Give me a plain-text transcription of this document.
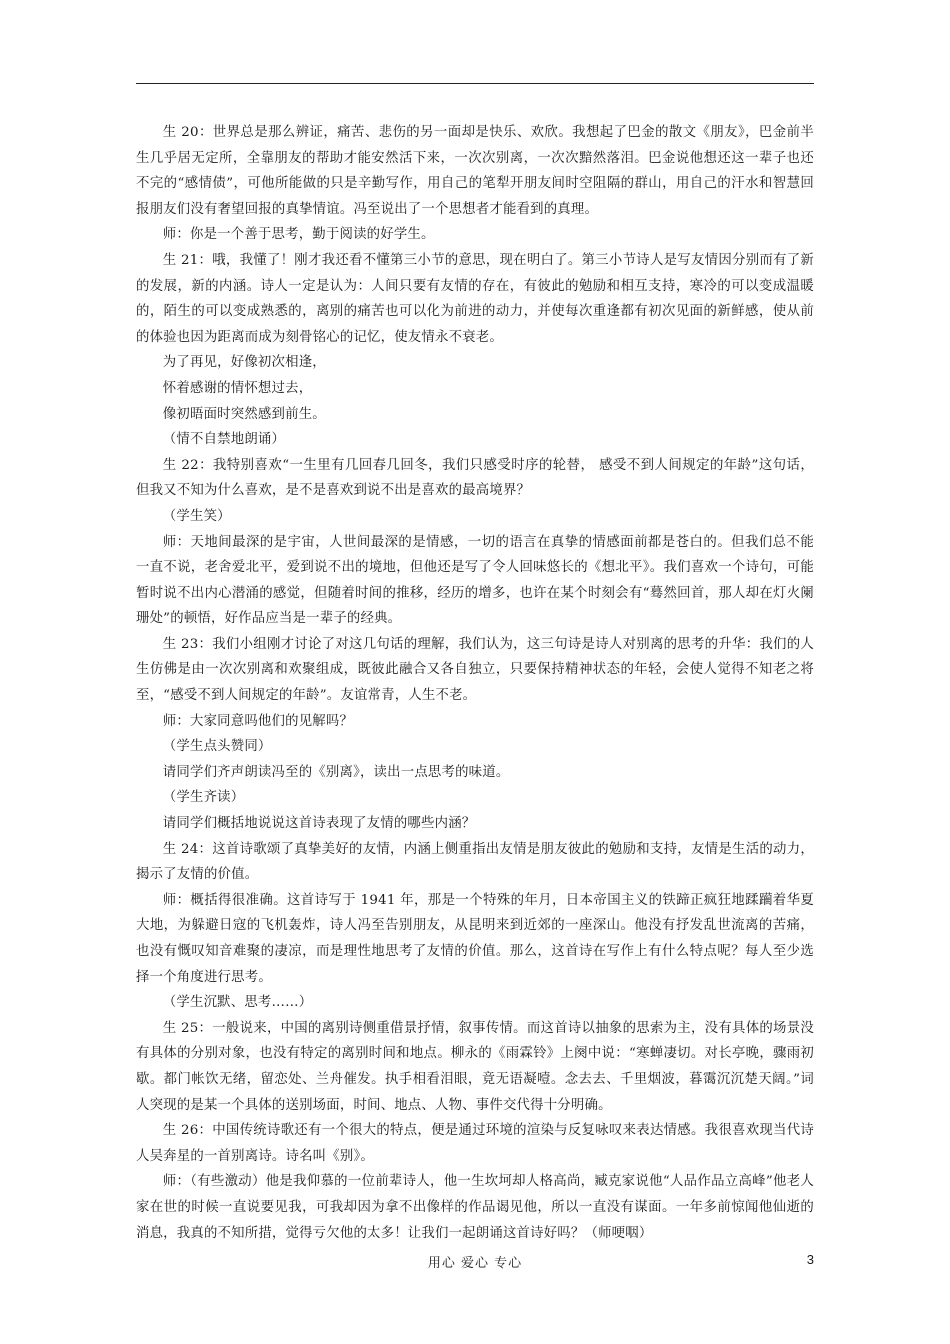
生 20：世界总是那么辨证，痛苦、悲伤的另一面却是快乐、欢欣。我想起了巴金的散文《朋友》，巴金前半生几乎居无定所，全靠朋友的帮助才能安然活下来，一次次别离，一次次黯然落泪。巴金说他想还这一辈子也还不完的“感情债”，可他所能做的只是辛勤写作，用自己的笔犁开朋友间时空阻隔的群山，用自己的汗水和智慧回报朋友们没有奢望回报的真挚情谊。冯至说出了一个思想者才能看到的真理。

师：你是一个善于思考，勤于阅读的好学生。

生 21：哦，我懂了！刚才我还看不懂第三小节的意思，现在明白了。第三小节诗人是写友情因分别而有了新的发展，新的内涵。诗人一定是认为：人间只要有友情的存在，有彼此的勉励和相互支持，寒冷的可以变成温暖的，陌生的可以变成熟悉的，离别的痛苦也可以化为前进的动力，并使每次重逢都有初次见面的新鲜感，使从前的体验也因为距离而成为刻骨铭心的记忆，使友情永不衰老。

为了再见，好像初次相逢，

怀着感谢的情怀想过去，

像初晤面时突然感到前生。

（情不自禁地朗诵）

生 22：我特别喜欢“一生里有几回春几回冬，我们只感受时序的轮替， 感受不到人间规定的年龄”这句话，但我又不知为什么喜欢，是不是喜欢到说不出是喜欢的最高境界？

（学生笑）

师：天地间最深的是宇宙，人世间最深的是情感，一切的语言在真挚的情感面前都是苍白的。但我们总不能一直不说，老舍爱北平，爱到说不出的境地，但他还是写了令人回味悠长的《想北平》。我们喜欢一个诗句，可能暂时说不出内心潜涌的感觉，但随着时间的推移，经历的增多，也许在某个时刻会有“蓦然回首，那人却在灯火阑珊处”的顿悟，好作品应当是一辈子的经典。

生 23：我们小组刚才讨论了对这几句话的理解，我们认为，这三句诗是诗人对别离的思考的升华：我们的人生仿佛是由一次次别离和欢聚组成，既彼此融合又各自独立，只要保持精神状态的年轻，会使人觉得不知老之将至，“感受不到人间规定的年龄”。友谊常青，人生不老。

师：大家同意吗他们的见解吗？

（学生点头赞同）

请同学们齐声朗读冯至的《别离》，读出一点思考的味道。

（学生齐读）

请同学们概括地说说这首诗表现了友情的哪些内涵？

生 24：这首诗歌颂了真挚美好的友情，内涵上侧重指出友情是朋友彼此的勉励和支持，友情是生活的动力，揭示了友情的价值。

师：概括得很准确。这首诗写于 1941 年，那是一个特殊的年月，日本帝国主义的铁蹄正疯狂地蹂躏着华夏大地，为躲避日寇的飞机轰炸，诗人冯至告别朋友，从昆明来到近郊的一座深山。他没有抒发乱世流离的苦痛，也没有慨叹知音难聚的凄凉，而是理性地思考了友情的价值。那么，这首诗在写作上有什么特点呢？每人至少选择一个角度进行思考。

（学生沉默、思考……）

生 25：一般说来，中国的离别诗侧重借景抒情，叙事传情。而这首诗以抽象的思索为主，没有具体的场景没有具体的分别对象，也没有特定的离别时间和地点。柳永的《雨霖铃》上阕中说：“寒蝉凄切。对长亭晚，骤雨初歇。都门帐饮无绪，留恋处、兰舟催发。执手相看泪眼，竟无语凝噎。念去去、千里烟波，暮霭沉沉楚天阔。”词人突现的是某一个具体的送别场面，时间、地点、人物、事件交代得十分明确。

生 26：中国传统诗歌还有一个很大的特点，便是通过环境的渲染与反复咏叹来表达情感。我很喜欢现当代诗人吴奔星的一首别离诗。诗名叫《别》。

师：（有些激动）他是我仰慕的一位前辈诗人，他一生坎坷却人格高尚，臧克家说他“人品作品立高峰”他老人家在世的时候一直说要见我，可我却因为拿不出像样的作品谒见他，所以一直没有谋面。一年多前惊闻他仙逝的消息，我真的不知所措，觉得亏欠他的太多！让我们一起朗诵这首诗好吗？（师哽咽）

用心 爱心 专心	3
